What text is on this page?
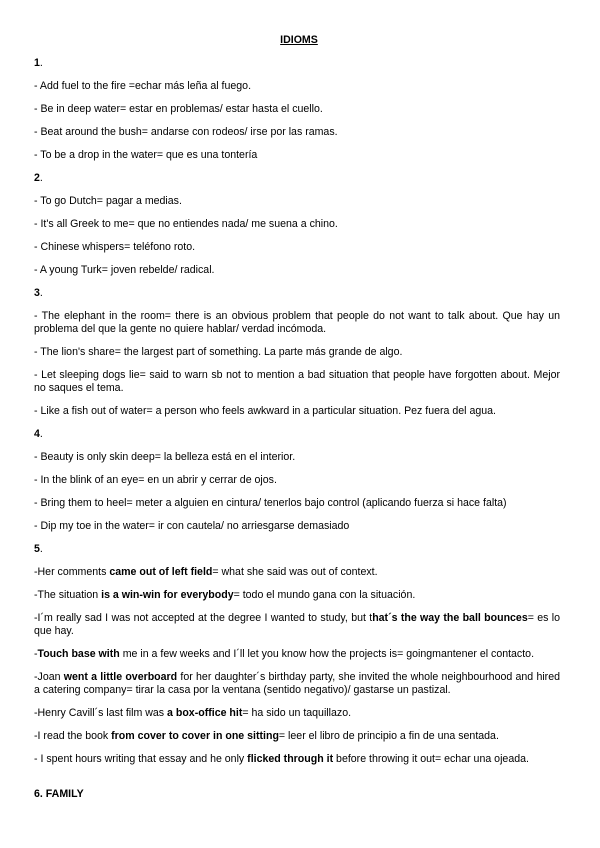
IDIOMS
1.
- Add fuel to the fire =echar más leña al fuego.
- Be in deep water= estar en problemas/ estar hasta el cuello.
- Beat around the bush= andarse con rodeos/ irse por las ramas.
- To be a drop in the water= que es una tontería
2.
- To go Dutch= pagar a medias.
- It's all Greek to me= que no entiendes nada/ me suena a chino.
- Chinese whispers= teléfono roto.
- A young Turk= joven rebelde/ radical.
3.
- The elephant in the room= there is an obvious problem that people do not want to talk about. Que hay un problema del que la gente no quiere hablar/ verdad incómoda.
- The lion's share= the largest part of something. La parte más grande de algo.
- Let sleeping dogs lie= said to warn sb not to mention a bad situation that people have forgotten about. Mejor no saques el tema.
- Like a fish out of water= a person who feels awkward in a particular situation. Pez fuera del agua.
4.
- Beauty is only skin deep= la belleza está en el interior.
- In the blink of an eye= en un abrir y cerrar de ojos.
- Bring them to heel= meter a alguien en cintura/ tenerlos bajo control (aplicando fuerza si hace falta)
- Dip my toe in the water= ir con cautela/ no arriesgarse demasiado
5.
-Her comments came out of left field= what she said was out of context.
-The situation is a win-win for everybody= todo el mundo gana con la situación.
-I´m really sad I was not accepted at the degree I wanted to study, but that´s the way the ball bounces= es lo que hay.
-Touch base with me in a few weeks and I´ll let you know how the projects is= goingmantener el contacto.
-Joan went a little overboard for her daughter´s birthday party, she invited the whole neighbourhood and hired a catering company= tirar la casa por la ventana (sentido negativo)/ gastarse un pastizal.
-Henry Cavill´s last film was a box-office hit= ha sido un taquillazo.
-I read the book from cover to cover in one sitting= leer el libro de principio a fin de una sentada.
- I spent hours writing that essay and he only flicked through it before throwing it out= echar una ojeada.
6. FAMILY
